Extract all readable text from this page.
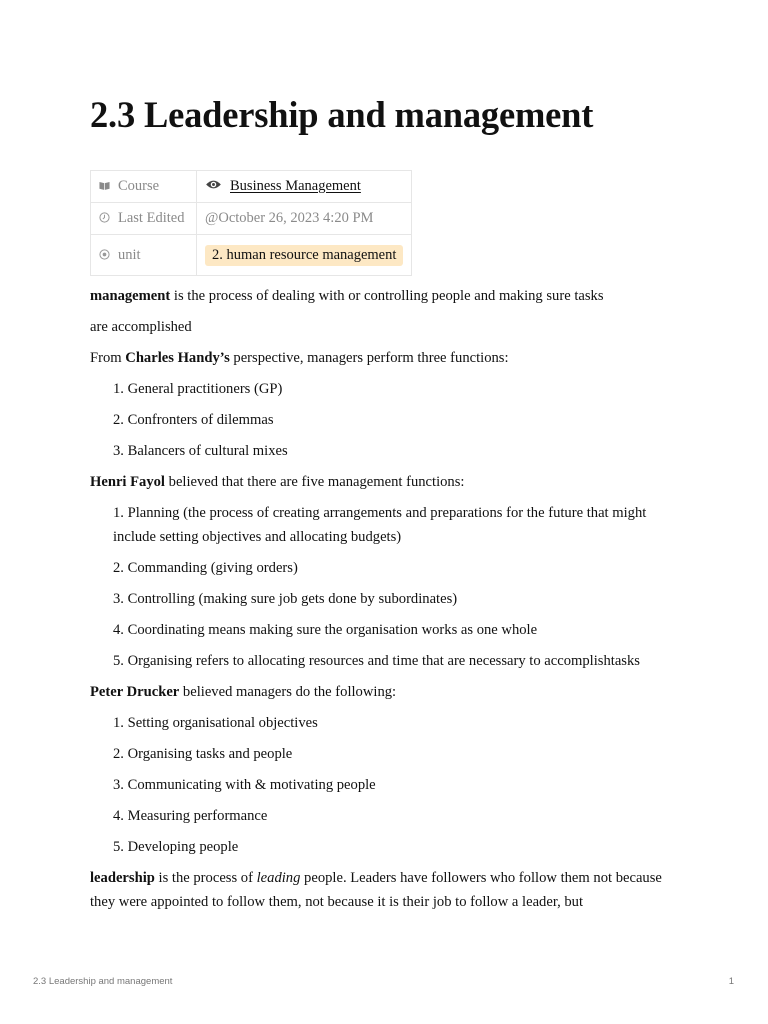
2.3 Leadership and management
Course	Business Management
Last Edited	@October 26, 2023 4:20 PM
unit	2. human resource management

management is the process of dealing with or controlling people and making sure tasks

are accomplished

From Charles Handy’s perspective, managers perform three functions:

1. General practitioners (GP)
2. Confronters of dilemmas
3. Balancers of cultural mixes

Henri Fayol believed that there are five management functions:

1. Planning (the process of creating arrangements and preparations for the future that might include setting objectives and allocating budgets)
2. Commanding (giving orders)
3. Controlling (making sure job gets done by subordinates)
4. Coordinating means making sure the organisation works as one whole
5. Organising refers to allocating resources and time that are necessary to accomplishtasks

Peter Drucker believed managers do the following:

1. Setting organisational objectives
2. Organising tasks and people
3. Communicating with & motivating people
4. Measuring performance
5. Developing people

leadership is the process of leading people. Leaders have followers who follow them not because they were appointed to follow them, not because it is their job to follow a leader, but

2.3 Leadership and management	1
